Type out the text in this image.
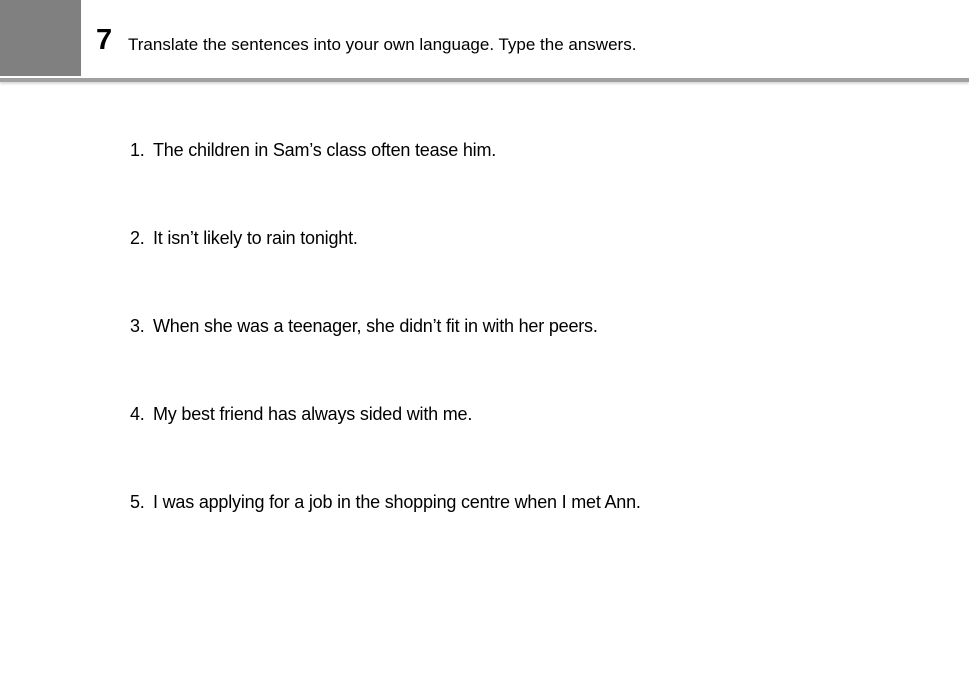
7 Translate the sentences into your own language. Type the answers.
1. The children in Sam’s class often tease him.
2. It isn’t likely to rain tonight.
3. When she was a teenager, she didn’t fit in with her peers.
4. My best friend has always sided with me.
5. I was applying for a job in the shopping centre when I met Ann.
